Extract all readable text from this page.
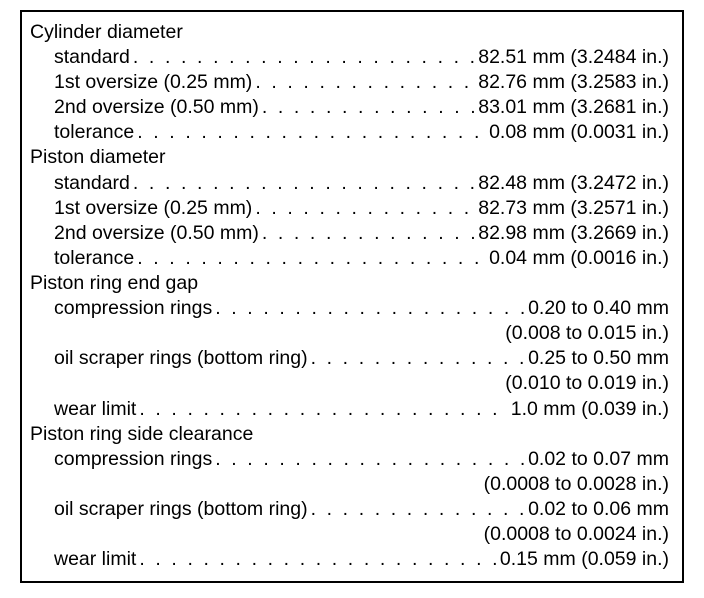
Cylinder diameter
standard . . .	82.51 mm (3.2484 in.)
1st oversize (0.25 mm) . . .	82.76 mm (3.2583 in.)
2nd oversize (0.50 mm) . . .	83.01 mm (3.2681 in.)
tolerance . . .	0.08 mm (0.0031 in.)
Piston diameter
standard . . .	82.48 mm (3.2472 in.)
1st oversize (0.25 mm) . . .	82.73 mm (3.2571 in.)
2nd oversize (0.50 mm) . . .	82.98 mm (3.2669 in.)
tolerance . . .	0.04 mm (0.0016 in.)
Piston ring end gap
compression rings . . .	0.20 to 0.40 mm
(0.008 to 0.015 in.)
oil scraper rings (bottom ring) . . .	0.25 to 0.50 mm
(0.010 to 0.019 in.)
wear limit . . .	1.0 mm (0.039 in.)
Piston ring side clearance
compression rings . . .	0.02 to 0.07 mm
(0.0008 to 0.0028 in.)
oil scraper rings (bottom ring) . . .	0.02 to 0.06 mm
(0.0008 to 0.0024 in.)
wear limit . . .	0.15 mm (0.059 in.)
